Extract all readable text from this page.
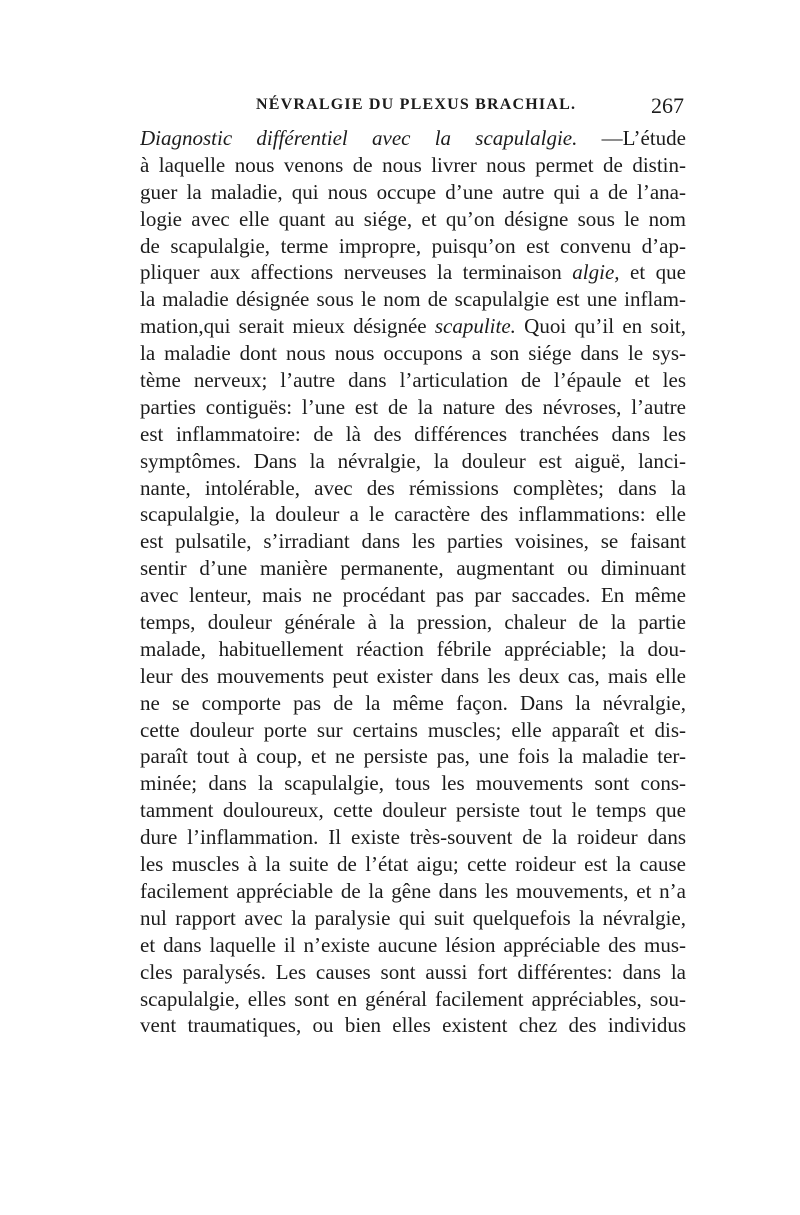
NÉVRALGIE DU PLEXUS BRACHIAL.	267
Diagnostic différentiel avec la scapulalgie. —L’étude
à laquelle nous venons de nous livrer nous permet de distin-
guer la maladie, qui nous occupe d’une autre qui a de l’ana-
logie avec elle quant au siége, et qu’on désigne sous le nom
de scapulalgie, terme impropre, puisqu’on est convenu d’ap-
pliquer aux affections nerveuses la terminaison algie, et que
la maladie désignée sous le nom de scapulalgie est une inflam-
mation,qui serait mieux désignée scapulite. Quoi qu’il en soit,
la maladie dont nous nous occupons a son siége dans le sys-
tème nerveux; l’autre dans l’articulation de l’épaule et les
parties contiguës: l’une est de la nature des névroses, l’autre
est inflammatoire: de là des différences tranchées dans les
symptômes. Dans la névralgie, la douleur est aiguë, lanci-
nante, intolérable, avec des rémissions complètes; dans la
scapulalgie, la douleur a le caractère des inflammations: elle
est pulsatile, s’irradiant dans les parties voisines, se faisant
sentir d’une manière permanente, augmentant ou diminuant
avec lenteur, mais ne procédant pas par saccades. En même
temps, douleur générale à la pression, chaleur de la partie
malade, habituellement réaction fébrile appréciable; la dou-
leur des mouvements peut exister dans les deux cas, mais elle
ne se comporte pas de la même façon. Dans la névralgie,
cette douleur porte sur certains muscles; elle apparaît et dis-
paraît tout à coup, et ne persiste pas, une fois la maladie ter-
minée; dans la scapulalgie, tous les mouvements sont cons-
tamment douloureux, cette douleur persiste tout le temps que
dure l’inflammation. Il existe très-souvent de la roideur dans
les muscles à la suite de l’état aigu; cette roideur est la cause
facilement appréciable de la gêne dans les mouvements, et n’a
nul rapport avec la paralysie qui suit quelquefois la névralgie,
et dans laquelle il n’existe aucune lésion appréciable des mus-
cles paralysés. Les causes sont aussi fort différentes: dans la
scapulalgie, elles sont en général facilement appréciables, sou-
vent traumatiques, ou bien elles existent chez des individus
